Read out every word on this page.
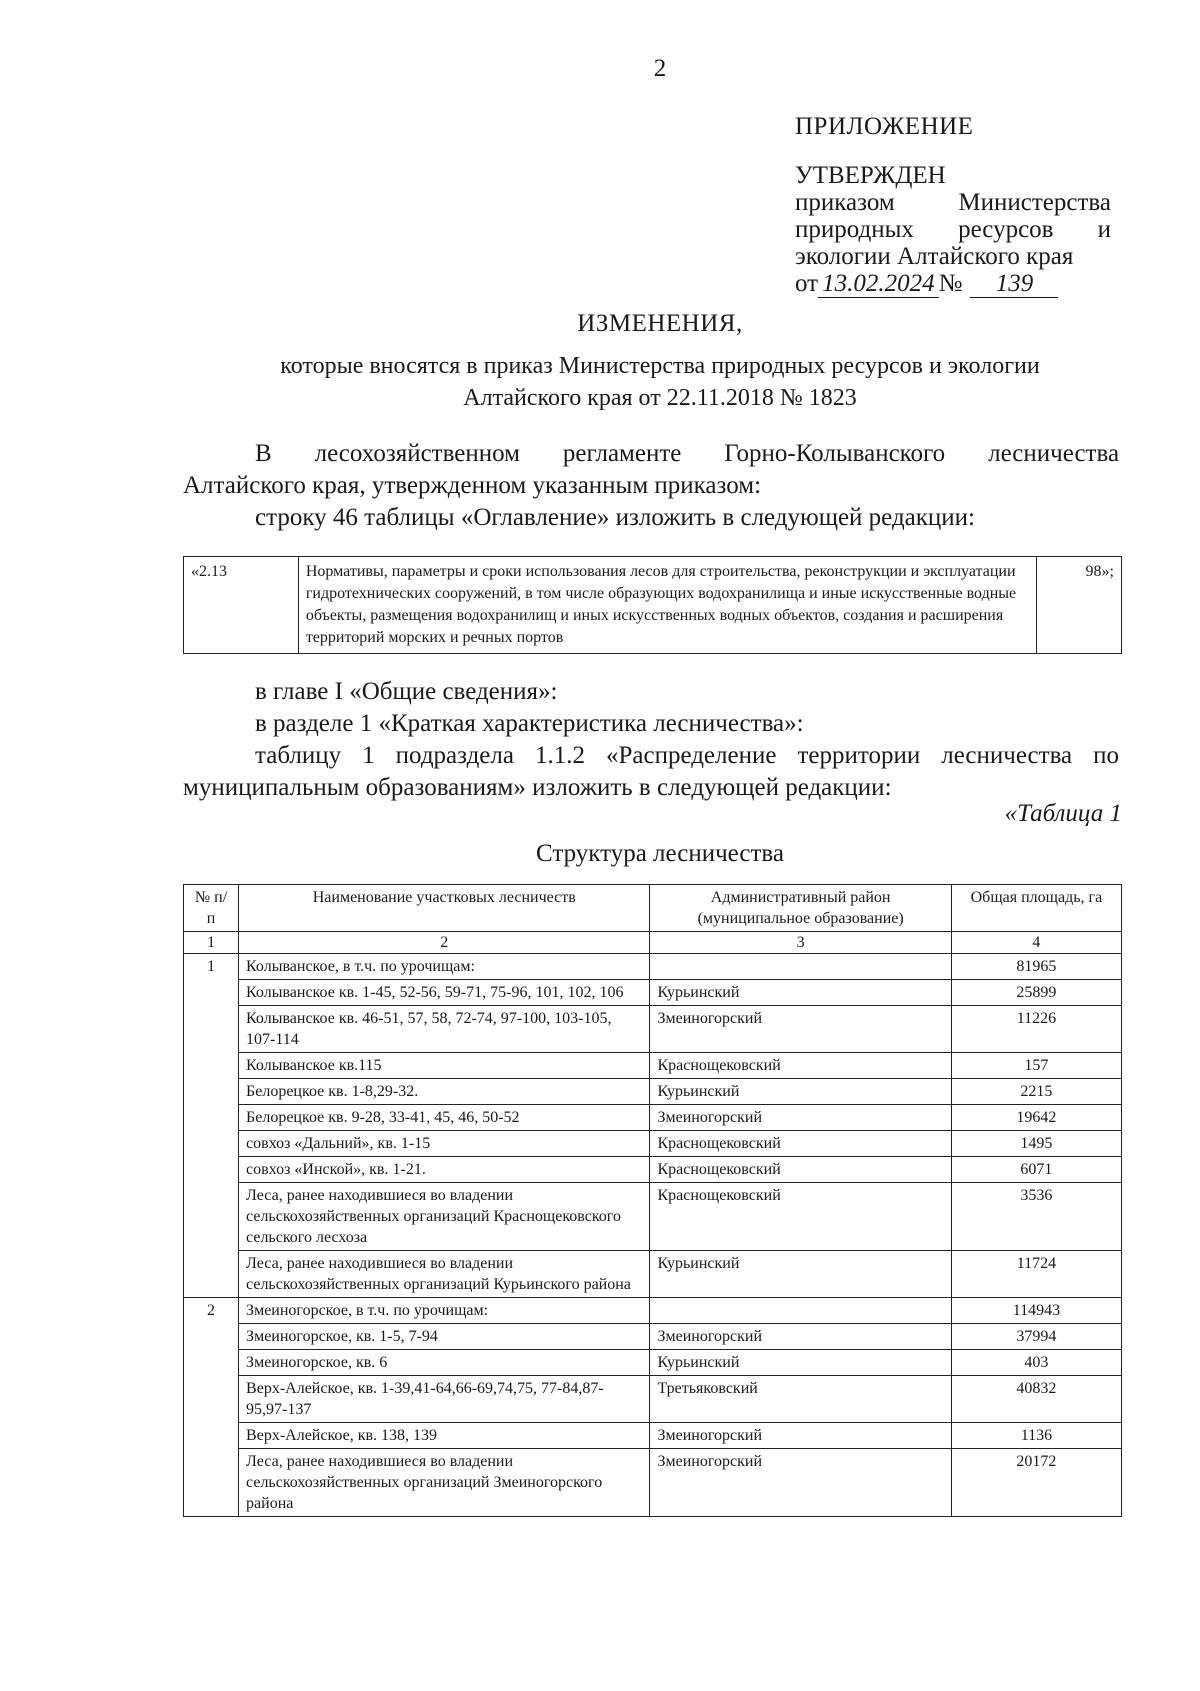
2
ПРИЛОЖЕНИЕ
УТВЕРЖДЕН
приказом	Министерства
природных ресурсов и
экологии Алтайского края
от 13.02.2024 №	139
ИЗМЕНЕНИЯ,
которые вносятся в приказ Министерства природных ресурсов и экологии Алтайского края от 22.11.2018 № 1823
В лесохозяйственном регламенте Горно-Колыванского лесничества
Алтайского края, утвержденном указанным приказом:
строку 46 таблицы «Оглавление» изложить в следующей редакции:
«2.13	Нормативы, параметры и сроки использования лесов для строительства, реконструкции и эксплуатации гидротехнических сооружений, в том числе образующих водохранилища и иные искусственные водные объекты, размещения водохранилищ и иных искусственных водных объектов, создания и расширения территорий морских и речных портов	98»;
в главе I «Общие сведения»:
в разделе 1 «Краткая характеристика лесничества»:
таблицу 1 подраздела 1.1.2 «Распределение территории лесничества по
муниципальным образованиям» изложить в следующей редакции:
«Таблица 1
Структура лесничества
№ п/п	Наименование участковых лесничеств	Административный район (муниципальное образование)	Общая площадь, га
1	2	3	4
1	Колыванское, в т.ч. по урочищам:		81965
	Колыванское кв. 1-45, 52-56, 59-71, 75-96, 101, 102, 106	Курьинский	25899
	Колыванское кв. 46-51, 57, 58, 72-74, 97-100, 103-105, 107-114	Змеиногорский	11226
	Колыванское кв.115	Краснощековский	157
	Белорецкое кв. 1-8,29-32.	Курьинский	2215
	Белорецкое кв. 9-28, 33-41, 45, 46, 50-52	Змеиногорский	19642
	совхоз «Дальний», кв. 1-15	Краснощековский	1495
	совхоз «Инской», кв. 1-21.	Краснощековский	6071
	Леса, ранее находившиеся во владении сельскохозяйственных организаций Краснощековского сельского лесхоза	Краснощековский	3536
	Леса, ранее находившиеся во владении сельскохозяйственных организаций Курьинского района	Курьинский	11724
2	Змеиногорское, в т.ч. по урочищам:		114943
	Змеиногорское, кв. 1-5, 7-94	Змеиногорский	37994
	Змеиногорское, кв. 6	Курьинский	403
	Верх-Алейское, кв. 1-39,41-64,66-69,74,75, 77-84,87-95,97-137	Третьяковский	40832
	Верх-Алейское, кв. 138, 139	Змеиногорский	1136
	Леса, ранее находившиеся во владении сельскохозяйственных организаций Змеиногорского района	Змеиногорский	20172
